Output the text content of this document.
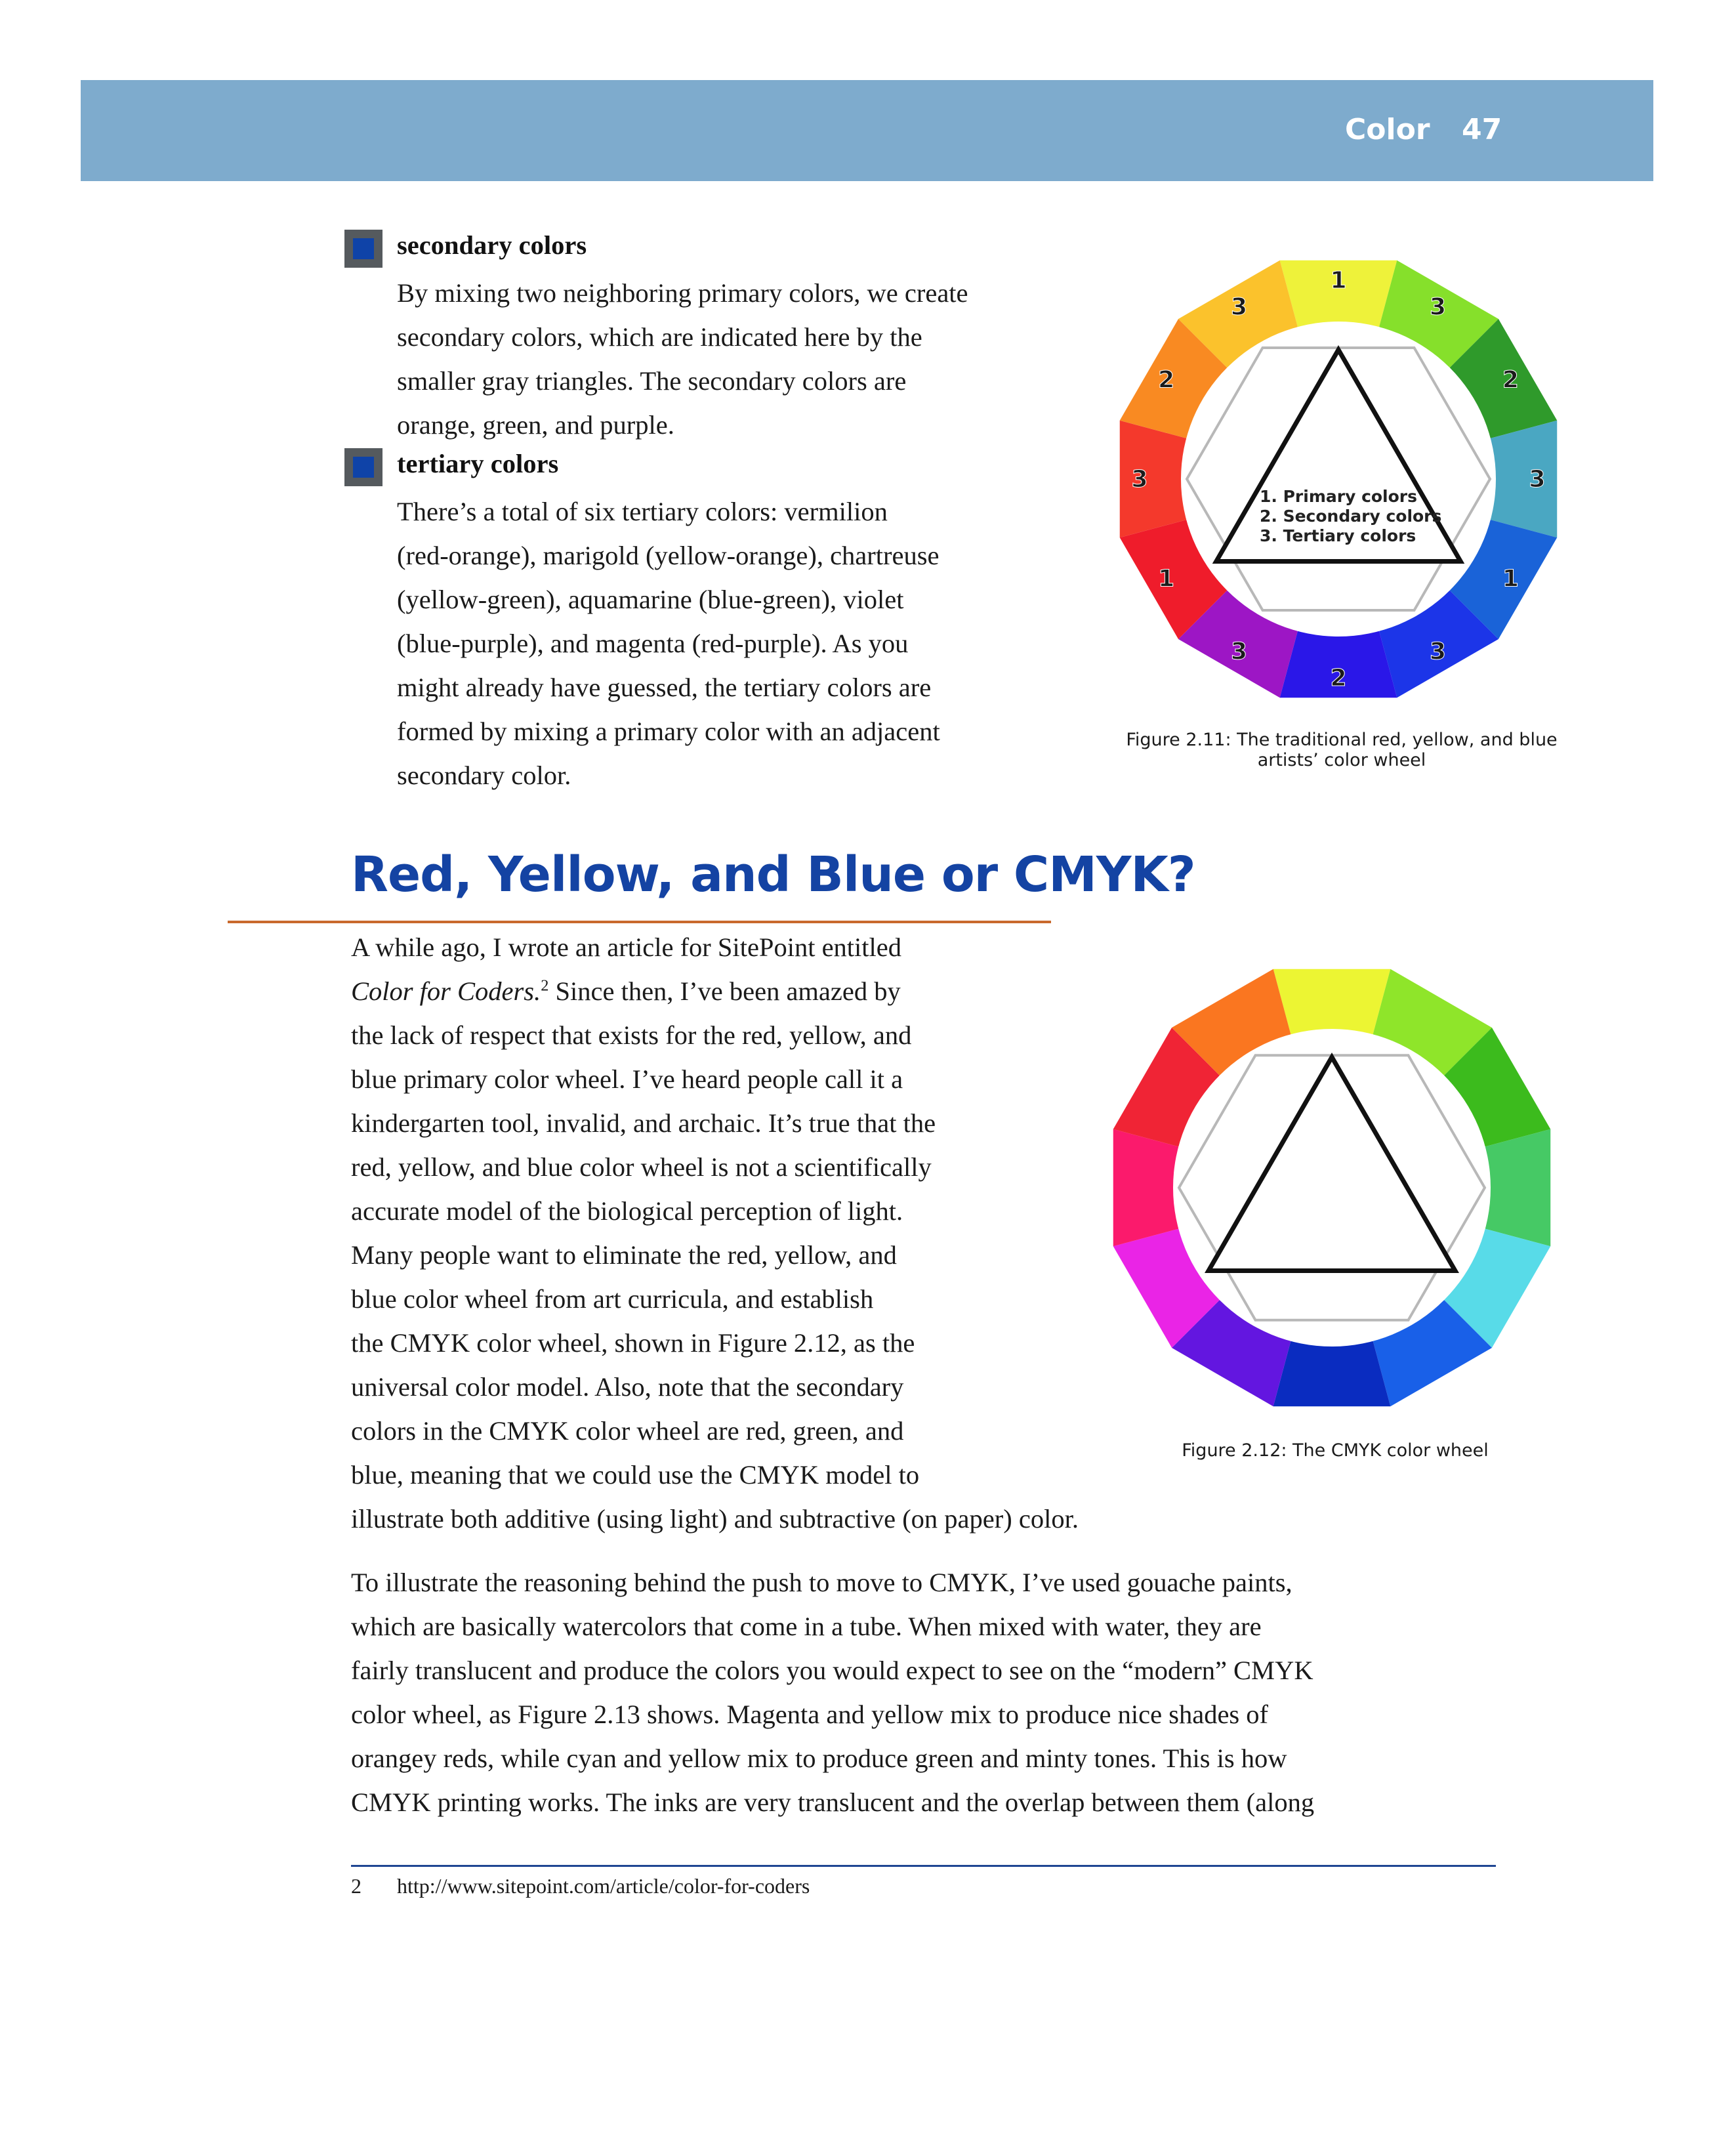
Color 47
secondary colors
By mixing two neighboring primary colors, we create
secondary colors, which are indicated here by the
smaller gray triangles. The secondary colors are
orange, green, and purple.
tertiary colors
There’s a total of six tertiary colors: vermilion
(red-orange), marigold (yellow-orange), chartreuse
(yellow-green), aquamarine (blue-green), violet
(blue-purple), and magenta (red-purple). As you
might already have guessed, the tertiary colors are
formed by mixing a primary color with an adjacent
secondary color.
1
3
2
3
1
3
2
3
1
3
2
3
1. Primary colors
2. Secondary colors
3. Tertiary colors
Figure 2.11: The traditional red, yellow, and blue
artists’ color wheel
Red, Yellow, and Blue or CMYK?
A while ago, I wrote an article for SitePoint entitled
Color for Coders.$^2$ Since then, I’ve been amazed by
the lack of respect that exists for the red, yellow, and
blue primary color wheel. I’ve heard people call it a
kindergarten tool, invalid, and archaic. It’s true that the
red, yellow, and blue color wheel is not a scientifically
accurate model of the biological perception of light.
Many people want to eliminate the red, yellow, and
blue color wheel from art curricula, and establish
the CMYK color wheel, shown in Figure 2.12, as the
universal color model. Also, note that the secondary
colors in the CMYK color wheel are red, green, and
blue, meaning that we could use the CMYK model to
illustrate both additive (using light) and subtractive (on paper) color.
Figure 2.12: The CMYK color wheel
To illustrate the reasoning behind the push to move to CMYK, I’ve used gouache paints,
which are basically watercolors that come in a tube. When mixed with water, they are
fairly translucent and produce the colors you would expect to see on the “modern” CMYK
color wheel, as Figure 2.13 shows. Magenta and yellow mix to produce nice shades of
orangey reds, while cyan and yellow mix to produce green and minty tones. This is how
CMYK printing works. The inks are very translucent and the overlap between them (along
2 http://www.sitepoint.com/article/color-for-coders
